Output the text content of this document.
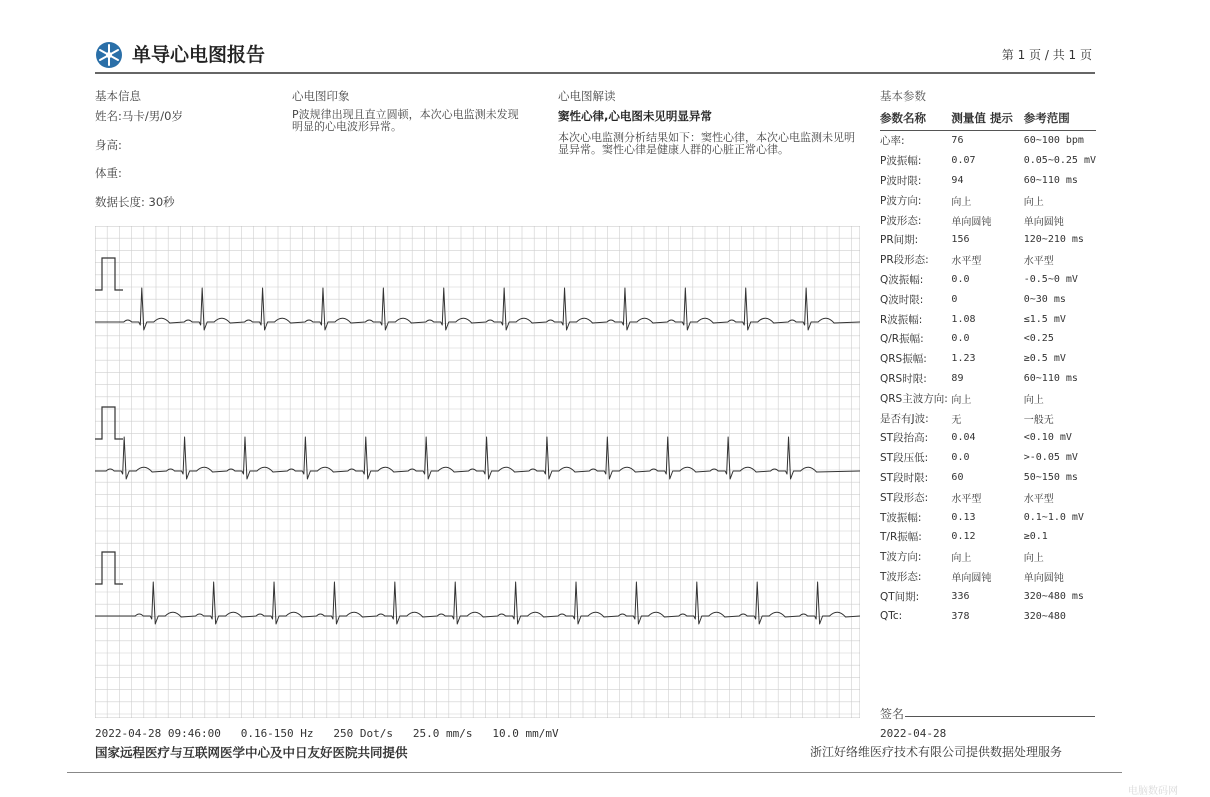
单导心电图报告	第 1 页 / 共 1 页
基本信息
姓名:马卡/男/0岁
身高:
体重:
数据长度: 30秒
心电图印象
P波规律出现且直立圆顿，本次心电监测未发现明显的心电波形异常。
心电图解读
窦性心律,心电图未见明显异常
本次心电监测分析结果如下：窦性心律，本次心电监测未见明显异常。窦性心律是健康人群的心脏正常心律。
基本参数
参数名称	测量值 提示	参考范围
心率:	76	60~100 bpm
P波振幅:	0.07	0.05~0.25 mV
P波时限:	94	60~110 ms
P波方向:	向上	向上
P波形态:	单向圆钝	单向圆钝
PR间期:	156	120~210 ms
PR段形态:	水平型	水平型
Q波振幅:	0.0	-0.5~0 mV
Q波时限:	0	0~30 ms
R波振幅:	1.08	≤1.5 mV
Q/R振幅:	0.0	<0.25
QRS振幅:	1.23	≥0.5 mV
QRS时限:	89	60~110 ms
QRS主波方向:	向上	向上
是否有J波:	无	一般无
ST段抬高:	0.04	<0.10 mV
ST段压低:	0.0	>-0.05 mV
ST段时限:	60	50~150 ms
ST段形态:	水平型	水平型
T波振幅:	0.13	0.1~1.0 mV
T/R振幅:	0.12	≥0.1
T波方向:	向上	向上
T波形态:	单向圆钝	单向圆钝
QT间期:	336	320~480 ms
QTc:	378	320~480
签名
2022-04-28 09:46:00   0.16-150 Hz   250 Dot/s   25.0 mm/s   10.0 mm/mV	2022-04-28
国家远程医疗与互联网医学中心及中日友好医院共同提供	浙江好络维医疗技术有限公司提供数据处理服务
电脑数码网
